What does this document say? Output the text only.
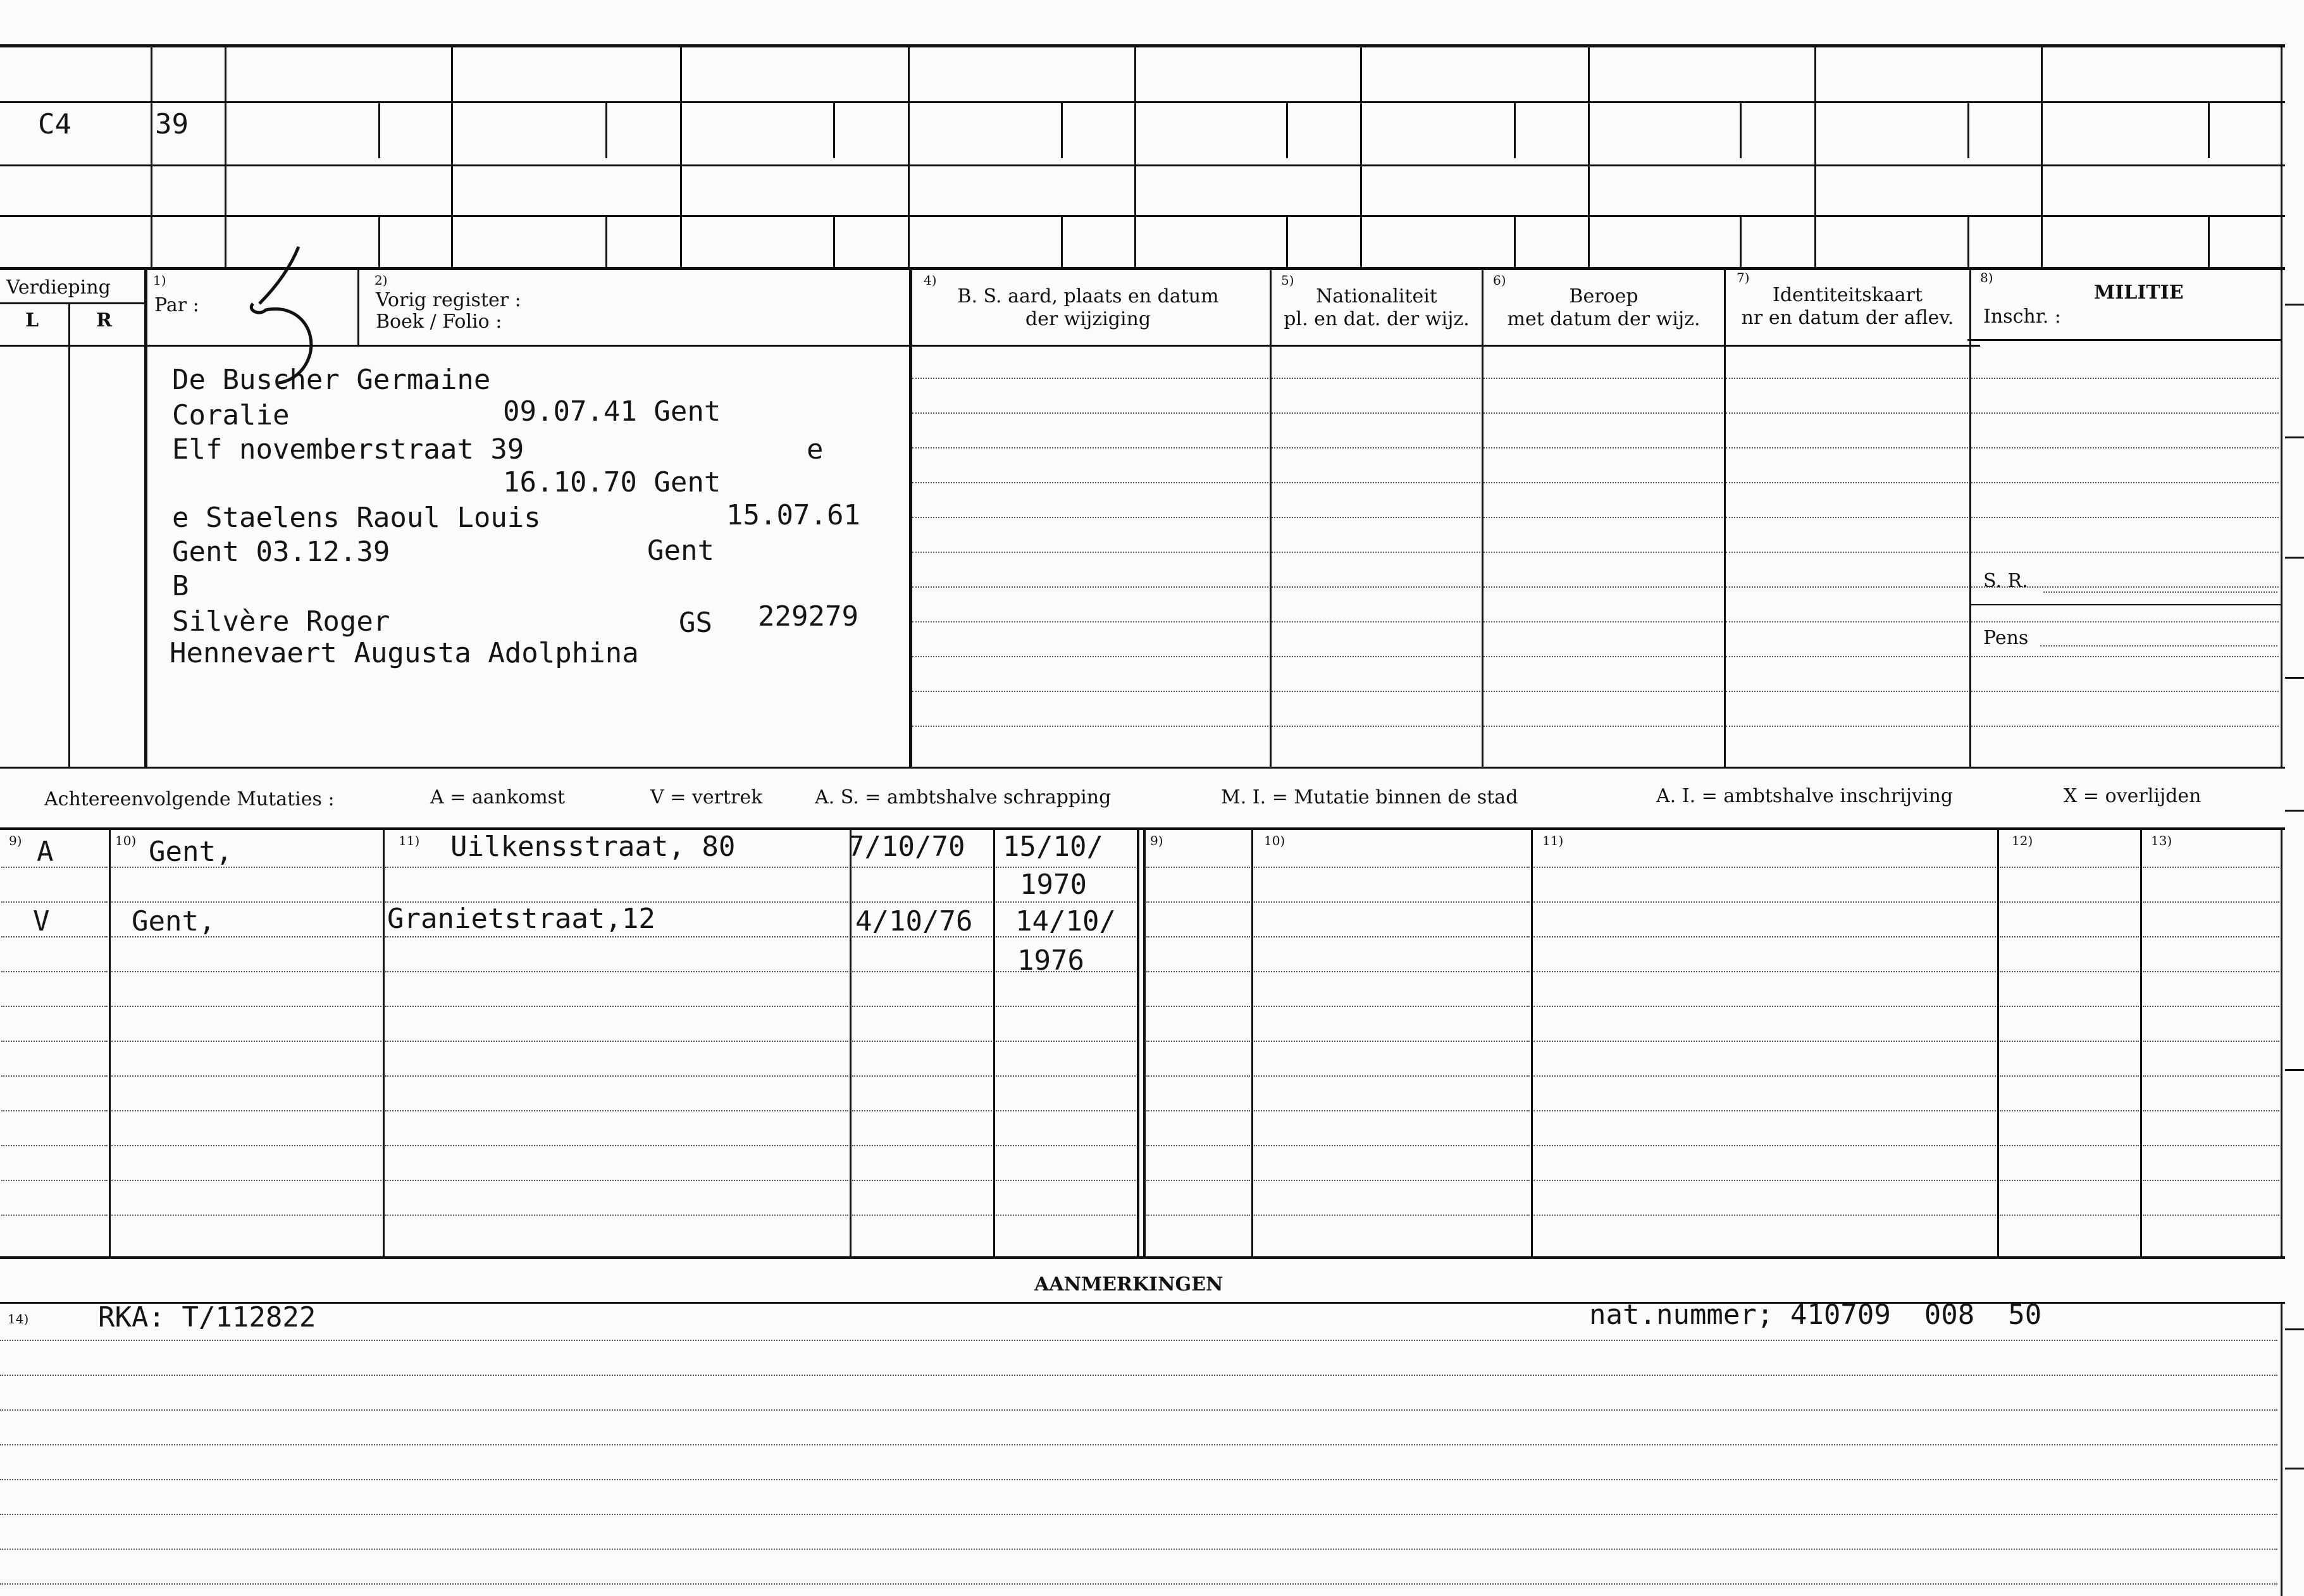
C4	39
Verdieping
L	R
1)
Par :
2)
Vorig register :
Boek / Folio :
4)
B. S. aard, plaats en datum
der wijziging
5)
Nationaliteit
pl. en dat. der wijz.
6)
Beroep
met datum der wijz.
7)
Identiteitskaart
nr en datum der aflev.
8)
MILITIE
Inschr. :
S. R.
Pens
De Buscher Germaine
Coralie	09.07.41 Gent
Elf novemberstraat 39	e
16.10.70 Gent
e Staelens Raoul Louis	15.07.61
Gent 03.12.39	Gent
B
Silvère Roger	GS 229279
Hennevaert Augusta Adolphina
Achtereenvolgende Mutaties :	A = aankomst	V = vertrek	A. S. = ambtshalve schrapping	M. I. = Mutatie binnen de stad	A. I. = ambtshalve inschrijving	X = overlijden
9)	10)	11)	9)	10)	11)	12)	13)
A	Gent,	Uilkensstraat, 80	7/10/70 15/10/
1970
V	Gent,	Granietstraat,12	4/10/76 14/10/
1976
AANMERKINGEN
14) RKA: T/112822	nat.nummer; 410709  008  50
